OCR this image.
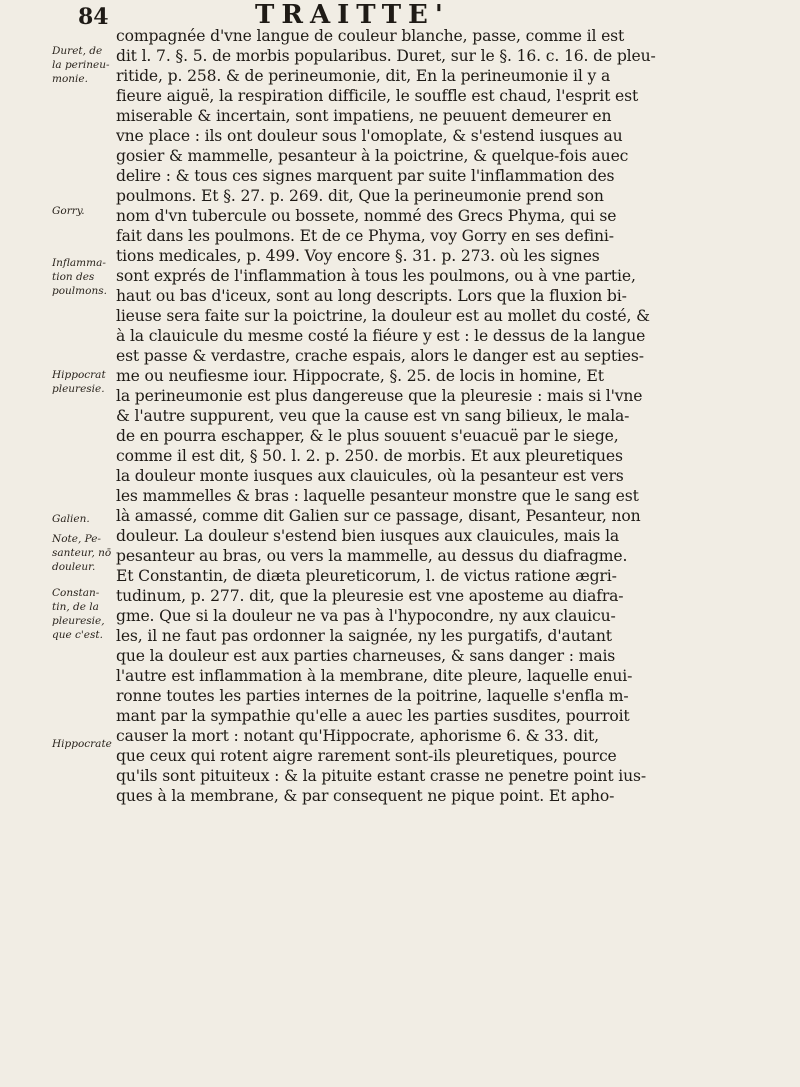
84	TRAITTE'
Duret, de
la perineu-
monie.
Gorry.
Inflamma-
tion des
poulmons.
Hippocrat
pleuresie.
Galien.
Note, Pe-
santeur, nō
douleur.
Constan-
tin, de la
pleuresie,
que c'est.
Hippocrate
compagnée d'vne langue de couleur blanche, passe, comme il est
dit l. 7. §. 5. de morbis popularibus. Duret, sur le §. 16. c. 16. de pleu-
ritide, p. 258. & de perineumonie, dit, En la perineumonie il y a
fieure aiguë, la respiration difficile, le souffle est chaud, l'esprit est
miserable & incertain, sont impatiens, ne peuuent demeurer en
vne place : ils ont douleur sous l'omoplate, & s'estend iusques au
gosier & mammelle, pesanteur à la poictrine, & quelque-fois auec
delire : & tous ces signes marquent par suite l'inflammation des
poulmons. Et §. 27. p. 269. dit, Que la perineumonie prend son
nom d'vn tubercule ou bossete, nommé des Grecs Phyma, qui se
fait dans les poulmons. Et de ce Phyma, voy Gorry en ses defini-
tions medicales, p. 499. Voy encore §. 31. p. 273. où les signes
sont exprés de l'inflammation à tous les poulmons, ou à vne partie,
haut ou bas d'iceux, sont au long descripts. Lors que la fluxion bi-
lieuse sera faite sur la poictrine, la douleur est au mollet du costé, &
à la clauicule du mesme costé la fiéure y est : le dessus de la langue
est passe & verdastre, crache espais, alors le danger est au septies-
me ou neufiesme iour. Hippocrate, §. 25. de locis in homine, Et
la perineumonie est plus dangereuse que la pleuresie : mais si l'vne
& l'autre suppurent, veu que la cause est vn sang bilieux, le mala-
de en pourra eschapper, & le plus souuent s'euacuë par le siege,
comme il est dit, § 50. l. 2. p. 250. de morbis. Et aux pleuretiques
la douleur monte iusques aux clauicules, où la pesanteur est vers
les mammelles & bras : laquelle pesanteur monstre que le sang est
là amassé, comme dit Galien sur ce passage, disant, Pesanteur, non
douleur. La douleur s'estend bien iusques aux clauicules, mais la
pesanteur au bras, ou vers la mammelle, au dessus du diafragme.
Et Constantin, de diæta pleureticorum, l. de victus ratione ægri-
tudinum, p. 277. dit, que la pleuresie est vne aposteme au diafra-
gme. Que si la douleur ne va pas à l'hypocondre, ny aux clauicu-
les, il ne faut pas ordonner la saignée, ny les purgatifs, d'autant
que la douleur est aux parties charneuses, & sans danger : mais
l'autre est inflammation à la membrane, dite pleure, laquelle enui-
ronne toutes les parties internes de la poitrine, laquelle s'enfla m-
mant par la sympathie qu'elle a auec les parties susdites, pourroit
causer la mort : notant qu'Hippocrate, aphorisme 6. & 33. dit,
que ceux qui rotent aigre rarement sont-ils pleuretiques, pource
qu'ils sont pituiteux : & la pituite estant crasse ne penetre point ius-
ques à la membrane, & par consequent ne pique point. Et apho-
